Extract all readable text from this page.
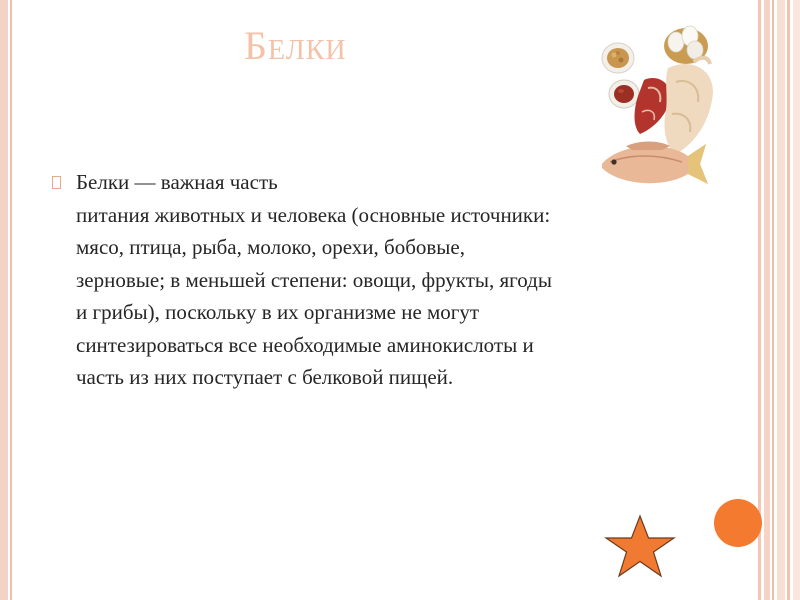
Белки

Белки — важная часть
питания животных и человека (основные источники:
мясо, птица, рыба, молоко, орехи, бобовые,
зерновые; в меньшей степени: овощи, фрукты, ягоды
и грибы), поскольку в их организме не могут
синтезироваться все необходимые аминокислоты и
часть из них поступает с белковой пищей.
